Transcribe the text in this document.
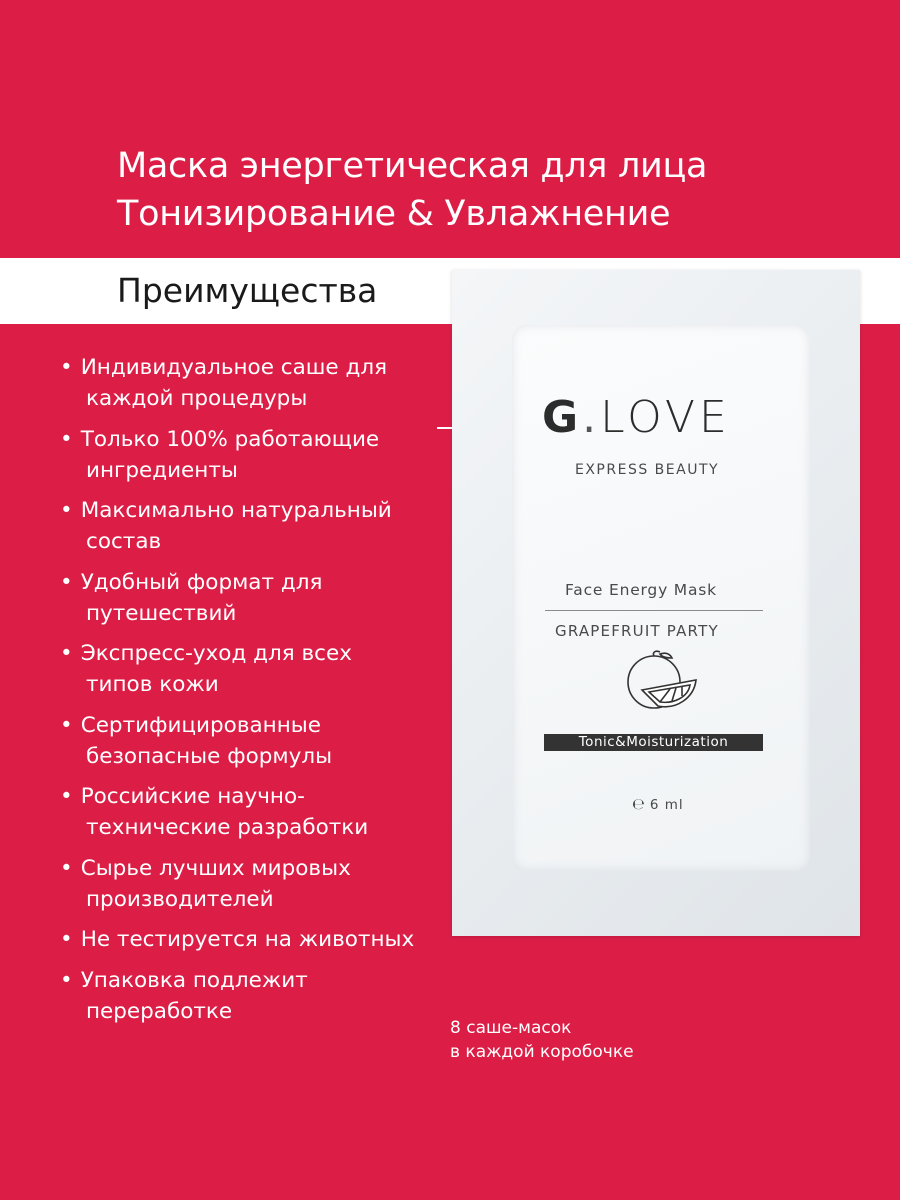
Маска энергетическая для лица
Тонизирование & Увлажнение
Преимущества
• Индивидуальное саше для
каждой процедуры
• Только 100% работающие
ингредиенты
• Максимально натуральный
состав
• Удобный формат для
путешествий
• Экспресс-уход для всех
типов кожи
• Сертифицированные
безопасные формулы
• Российские научно-
технические разработки
• Сырье лучших мировых
производителей
• Не тестируется на животных
• Упаковка подлежит
переработке
G.LOVE
EXPRESS BEAUTY
Face Energy Mask
GRAPEFRUIT PARTY
Tonic&Moisturization
℮ 6 ml
8 саше-масок
в каждой коробочке
